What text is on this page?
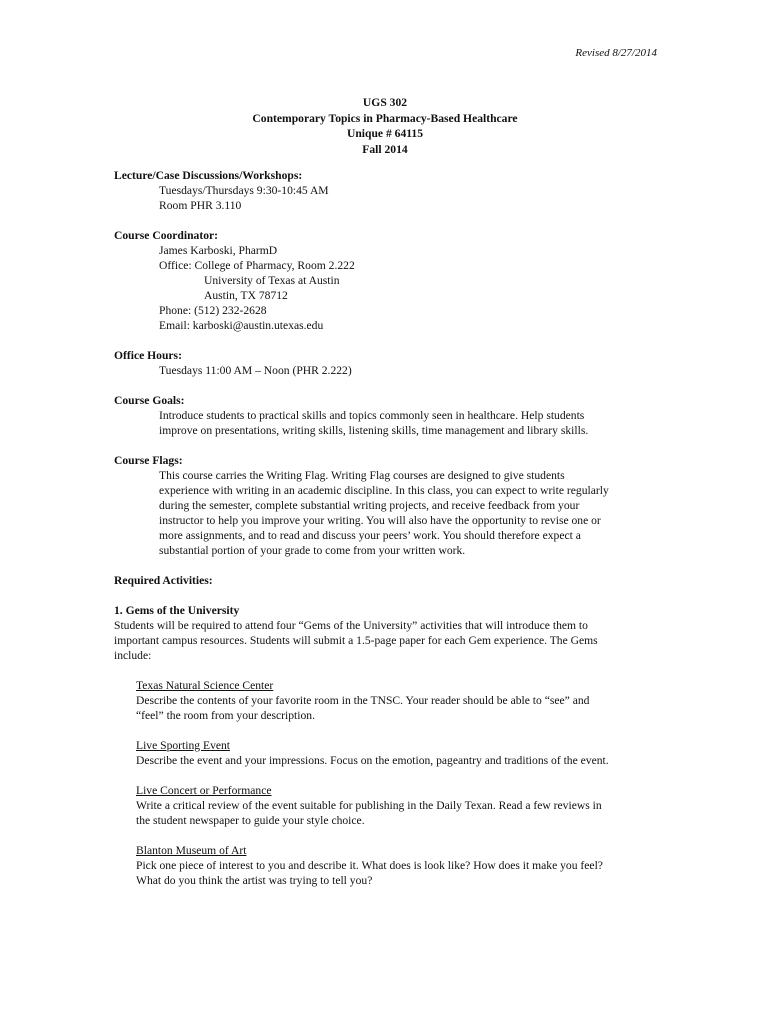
Revised 8/27/2014
UGS 302
Contemporary Topics in Pharmacy-Based Healthcare
Unique # 64115
Fall 2014

Lecture/Case Discussions/Workshops:

Tuesdays/Thursdays 9:30-10:45 AM

Room PHR 3.110

Course Coordinator:

James Karboski, PharmD

Office: College of Pharmacy, Room 2.222

University of Texas at Austin

Austin, TX 78712

Phone: (512) 232-2628

Email: karboski@austin.utexas.edu

Office Hours:

Tuesdays 11:00 AM – Noon (PHR 2.222)

Course Goals:

Introduce students to practical skills and topics commonly seen in healthcare. Help students

improve on presentations, writing skills, listening skills, time management and library skills.

Course Flags:

This course carries the Writing Flag. Writing Flag courses are designed to give students

experience with writing in an academic discipline. In this class, you can expect to write regularly

during the semester, complete substantial writing projects, and receive feedback from your

instructor to help you improve your writing. You will also have the opportunity to revise one or

more assignments, and to read and discuss your peers’ work. You should therefore expect a

substantial portion of your grade to come from your written work.

Required Activities:

1. Gems of the University

Students will be required to attend four “Gems of the University” activities that will introduce them to

important campus resources. Students will submit a 1.5-page paper for each Gem experience. The Gems

include:

Texas Natural Science Center

Describe the contents of your favorite room in the TNSC. Your reader should be able to “see” and

“feel” the room from your description.

Live Sporting Event

Describe the event and your impressions. Focus on the emotion, pageantry and traditions of the event.

Live Concert or Performance

Write a critical review of the event suitable for publishing in the Daily Texan. Read a few reviews in

the student newspaper to guide your style choice.

Blanton Museum of Art

Pick one piece of interest to you and describe it. What does is look like? How does it make you feel?

What do you think the artist was trying to tell you?
